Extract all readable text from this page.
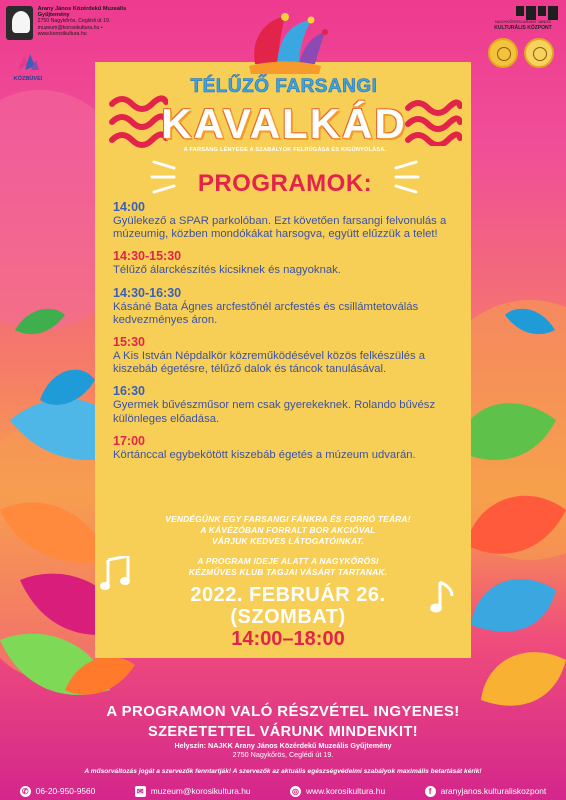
Arany János Közérdekű Muzeális Gyűjtemény
2750 Nagykőrös, Ceglédi út 19.
muzeum@korosikultura.hu • www.korosikultura.hu
KÖZBÜVEI
NAGYKŐRÖSI ARANY JÁNOS
KULTURÁLIS KÖZPONT
TÉLŰZŐ FARSANGI
KAVALKÁD
A FARSANG LÉNYEGE A SZABÁLYOK FELRÚGÁSA ÉS KIGÚNYOLÁSA.
PROGRAMOK:
14:00
Gyülekező a SPAR parkolóban. Ezt követően farsangi felvonulás a múzeumig, közben mondókákat harsogva, együtt elűzzük a telet!
14:30-15:30
Télűző álarckészítés kicsiknek és nagyoknak.
14:30-16:30
Kásáné Bata Ágnes arcfestőnél arcfestés és csillámtetoválás kedvezményes áron.
15:30
A Kis István Népdalkör közreműködésével közös felkészülés a kiszebáb égetésre, télűző dalok és táncok tanulásával.
16:30
Gyermek bűvészműsor nem csak gyerekeknek. Rolando bűvész különleges előadása.
17:00
Körtánccal egybekötött kiszebáb égetés a múzeum udvarán.
VENDÉGÜNK EGY FARSANGI FÁNKRA ÉS FORRÓ TEÁRA!
A KÁVÉZÓBAN FORRALT BOR AKCIÓVAL
VÁRJUK KEDVES LÁTOGATÓINKAT.
A PROGRAM IDEJE ALATT A NAGYKŐRÖSI
KÉZMŰVES KLUB TAGJAI VÁSÁRT TARTANAK.
2022. FEBRUÁR 26.
(SZOMBAT)
14:00–18:00
A PROGRAMON VALÓ RÉSZVÉTEL INGYENES!
SZERETETTEL VÁRUNK MINDENKIT!
Helyszín: NAJKK Arany János Közérdekű Muzeális Gyűjtemény
2750 Nagykőrös, Ceglédi út 19.
A műsorváltozás jogát a szervezők fenntartják! A szervezők az aktuális egészségvédelmi szabályok maximális betartását kérik!
✆ 06-20-950-9560	✉ muzeum@korosikultura.hu	◎ www.korosikultura.hu	f	aranyjanos.kulturaliskozpont
